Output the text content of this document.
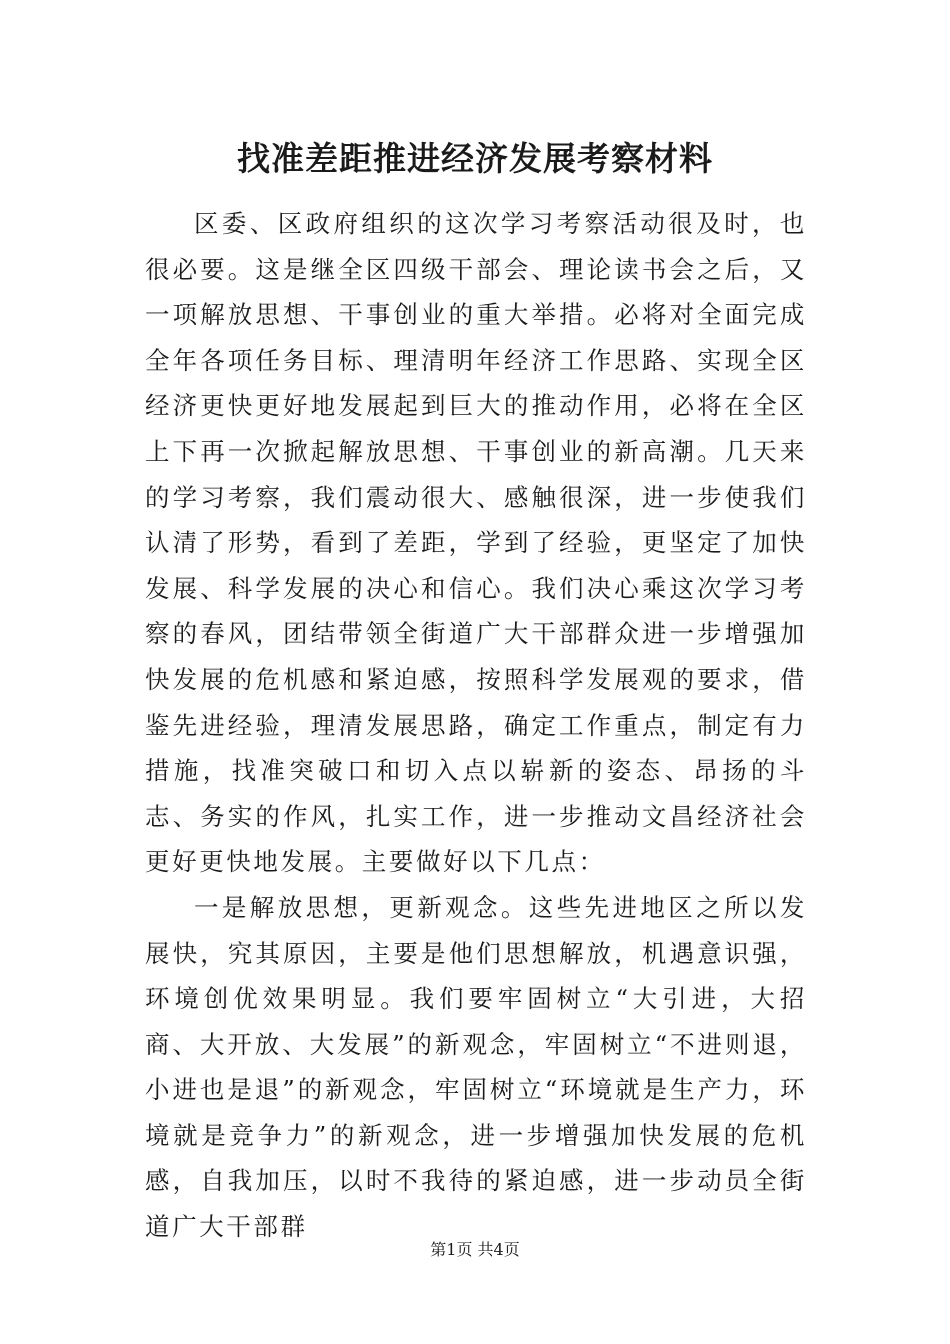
找准差距推进经济发展考察材料

区委、区政府组织的这次学习考察活动很及时，也很必要。这是继全区四级干部会、理论读书会之后，又一项解放思想、干事创业的重大举措。必将对全面完成全年各项任务目标、理清明年经济工作思路、实现全区经济更快更好地发展起到巨大的推动作用，必将在全区上下再一次掀起解放思想、干事创业的新高潮。几天来的学习考察，我们震动很大、感触很深，进一步使我们认清了形势，看到了差距，学到了经验，更坚定了加快发展、科学发展的决心和信心。我们决心乘这次学习考察的春风，团结带领全街道广大干部群众进一步增强加快发展的危机感和紧迫感，按照科学发展观的要求，借鉴先进经验，理清发展思路，确定工作重点，制定有力措施，找准突破口和切入点以崭新的姿态、昂扬的斗志、务实的作风，扎实工作，进一步推动文昌经济社会更好更快地发展。主要做好以下几点：

一是解放思想，更新观念。这些先进地区之所以发展快，究其原因，主要是他们思想解放，机遇意识强，环境创优效果明显。我们要牢固树立“大引进，大招商、大开放、大发展”的新观念，牢固树立“不进则退，小进也是退”的新观念，牢固树立“环境就是生产力，环境就是竞争力”的新观念，进一步增强加快发展的危机感，自我加压，以时不我待的紧迫感，进一步动员全街道广大干部群

第1页 共4页
